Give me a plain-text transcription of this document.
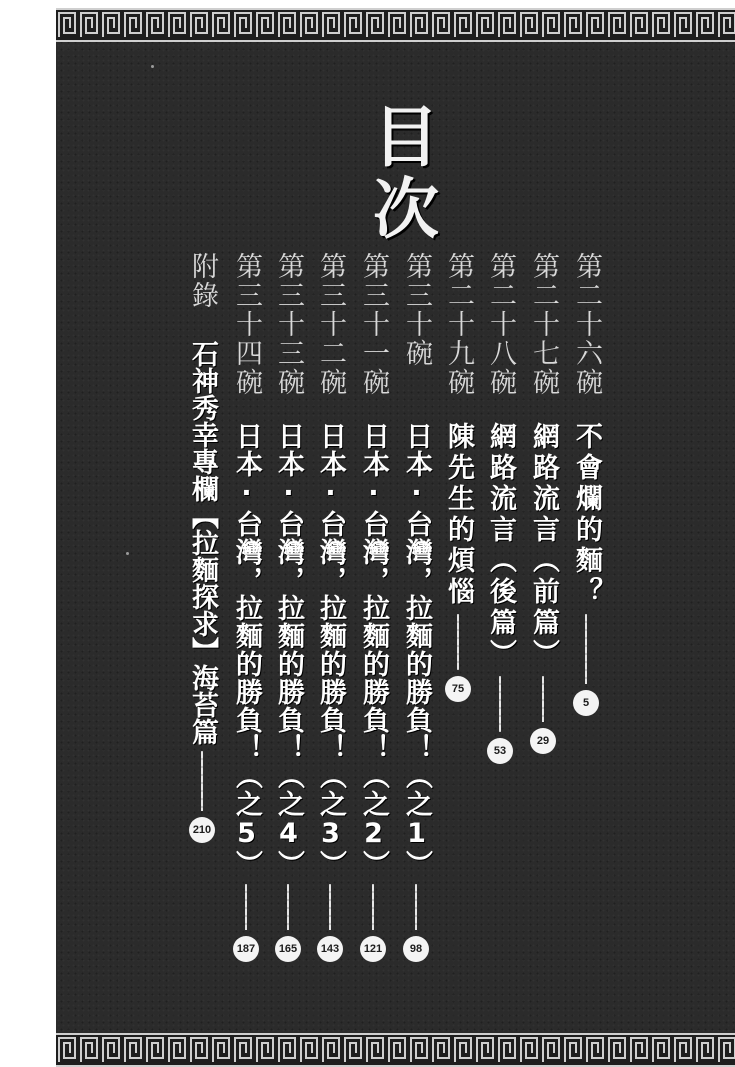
目
次
第二十六碗
不會爛的麵？
5
第二十七碗
網路流言（前篇）
29
第二十八碗
網路流言（後篇）
53
第二十九碗
陳先生的煩惱
75
第三十碗
日本‧台灣，拉麵的勝負！（之1）
98
第三十一碗
日本‧台灣，拉麵的勝負！（之2）
121
第三十二碗
日本‧台灣，拉麵的勝負！（之3）
143
第三十三碗
日本‧台灣，拉麵的勝負！（之4）
165
第三十四碗
日本‧台灣，拉麵的勝負！（之5）
187
附錄
石神秀幸專欄【拉麵探求】海苔篇
210
